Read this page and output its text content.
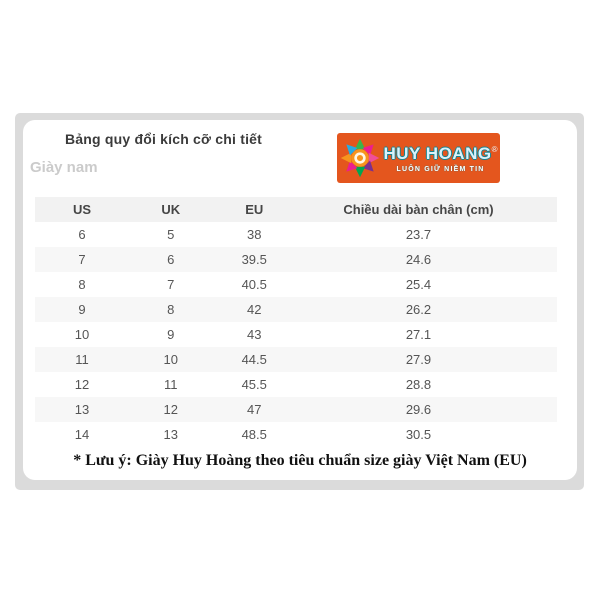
Bảng quy đổi kích cỡ chi tiết
Giày nam
HUY HOANG®
LUÔN GIỮ NIỀM TIN
US	UK	EU	Chiều dài bàn chân (cm)
6	5	38	23.7
7	6	39.5	24.6
8	7	40.5	25.4
9	8	42	26.2
10	9	43	27.1
11	10	44.5	27.9
12	11	45.5	28.8
13	12	47	29.6
14	13	48.5	30.5
* Lưu ý: Giày Huy Hoàng theo tiêu chuẩn size giày Việt Nam (EU)
